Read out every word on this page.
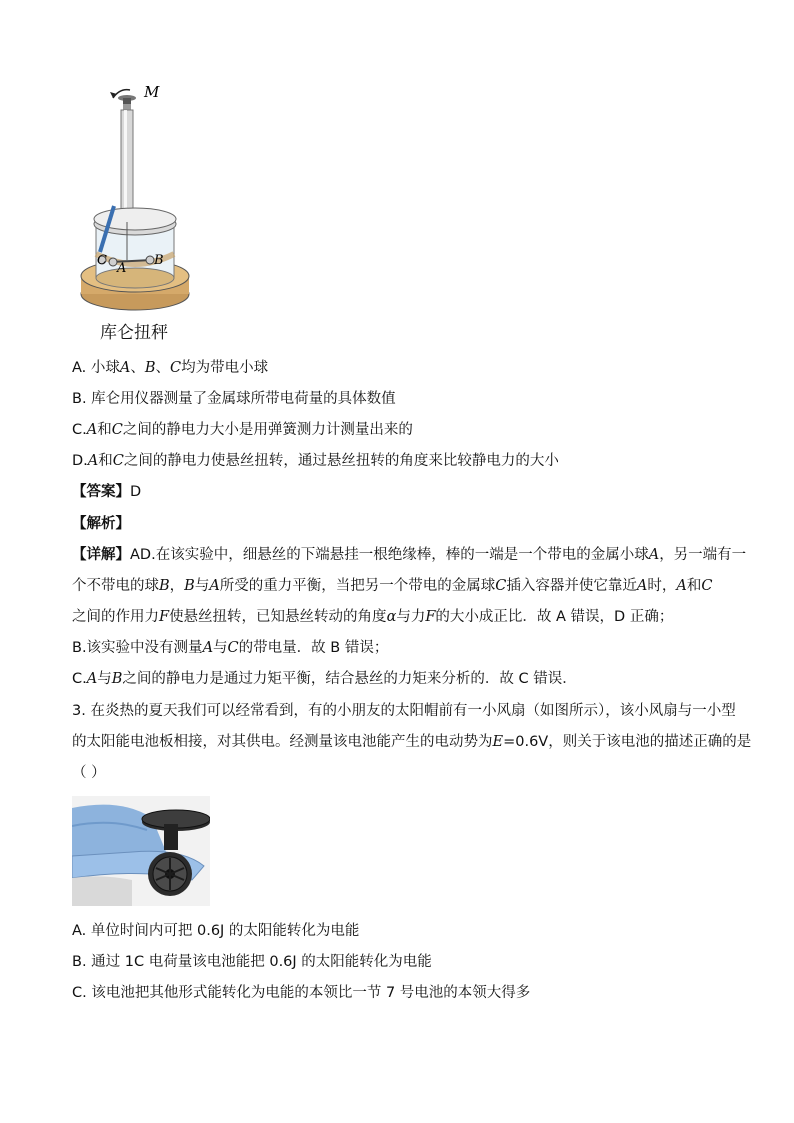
M
C
A
B
库仑扭秤
A. 小球A、B、C均为带电小球
B. 库仑用仪器测量了金属球所带电荷量的具体数值
C.A和C之间的静电力大小是用弹簧测力计测量出来的
D.A和C之间的静电力使悬丝扭转，通过悬丝扭转的角度来比较静电力的大小
【答案】D
【解析】
【详解】AD.在该实验中，细悬丝的下端悬挂一根绝缘棒，棒的一端是一个带电的金属小球A，另一端有一
个不带电的球B，B与A所受的重力平衡，当把另一个带电的金属球C插入容器并使它靠近A时，A和C
之间的作用力F使悬丝扭转，已知悬丝转动的角度α与力F的大小成正比．故 A 错误，D 正确；
B.该实验中没有测量A与C的带电量．故 B 错误；
C.A与B之间的静电力是通过力矩平衡，结合悬丝的力矩来分析的．故 C 错误．
3. 在炎热的夏天我们可以经常看到，有的小朋友的太阳帽前有一小风扇（如图所示），该小风扇与一小型
的太阳能电池板相接，对其供电。经测量该电池能产生的电动势为E=0.6V，则关于该电池的描述正确的是
（ ）
A. 单位时间内可把 0.6J 的太阳能转化为电能
B. 通过 1C 电荷量该电池能把 0.6J 的太阳能转化为电能
C. 该电池把其他形式能转化为电能的本领比一节 7 号电池的本领大得多
